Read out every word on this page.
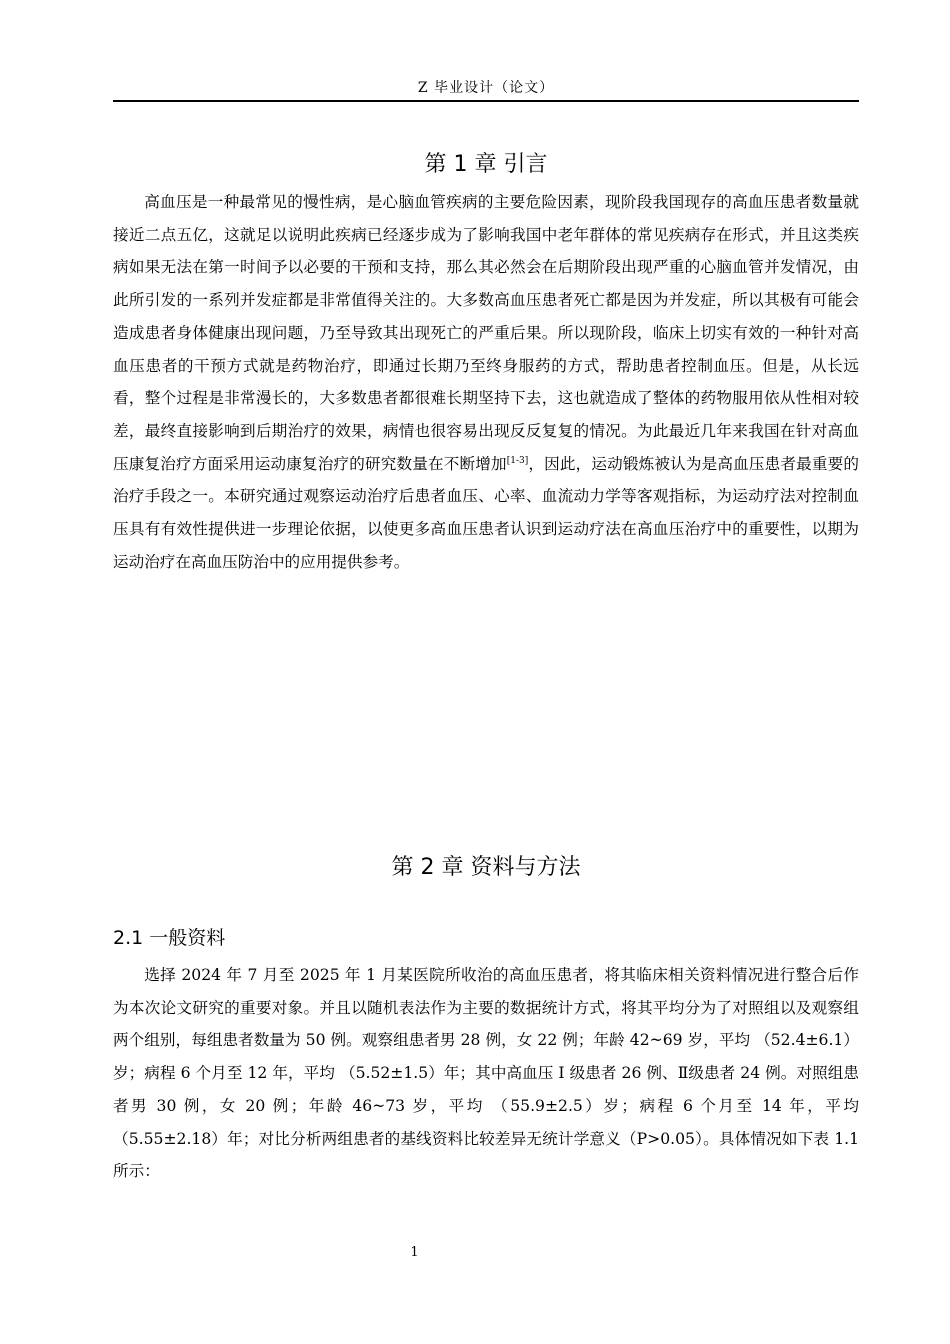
Z 毕业设计（论文）
第 1 章 引言

高血压是一种最常见的慢性病，是心脑血管疾病的主要危险因素，现阶段我国现存的高血压患者数量就接近二点五亿，这就足以说明此疾病已经逐步成为了影响我国中老年群体的常见疾病存在形式，并且这类疾病如果无法在第一时间予以必要的干预和支持，那么其必然会在后期阶段出现严重的心脑血管并发情况，由此所引发的一系列并发症都是非常值得关注的。大多数高血压患者死亡都是因为并发症，所以其极有可能会造成患者身体健康出现问题，乃至导致其出现死亡的严重后果。所以现阶段，临床上切实有效的一种针对高血压患者的干预方式就是药物治疗，即通过长期乃至终身服药的方式，帮助患者控制血压。但是，从长远看，整个过程是非常漫长的，大多数患者都很难长期坚持下去，这也就造成了整体的药物服用依从性相对较差，最终直接影响到后期治疗的效果，病情也很容易出现反反复复的情况。为此最近几年来我国在针对高血压康复治疗方面采用运动康复治疗的研究数量在不断增加[1-3]，因此，运动锻炼被认为是高血压患者最重要的治疗手段之一。本研究通过观察运动治疗后患者血压、心率、血流动力学等客观指标，为运动疗法对控制血压具有有效性提供进一步理论依据，以使更多高血压患者认识到运动疗法在高血压治疗中的重要性，以期为运动治疗在高血压防治中的应用提供参考。

第 2 章 资料与方法
2.1 一般资料

选择 2024 年 7 月至 2025 年 1 月某医院所收治的高血压患者，将其临床相关资料情况进行整合后作为本次论文研究的重要对象。并且以随机表法作为主要的数据统计方式，将其平均分为了对照组以及观察组两个组别，每组患者数量为 50 例。观察组患者男 28 例，女 22 例；年龄 42~69 岁，平均 （52.4±6.1）岁；病程 6 个月至 12 年，平均 （5.52±1.5）年；其中高血压 I 级患者 26 例、Ⅱ级患者 24 例。对照组患者男 30 例，女 20 例；年龄 46~73 岁，平均 （55.9±2.5）岁；病程 6 个月至 14 年，平均 （5.55±2.18）年；对比分析两组患者的基线资料比较差异无统计学意义（P>0.05）。具体情况如下表 1.1 所示：

1
